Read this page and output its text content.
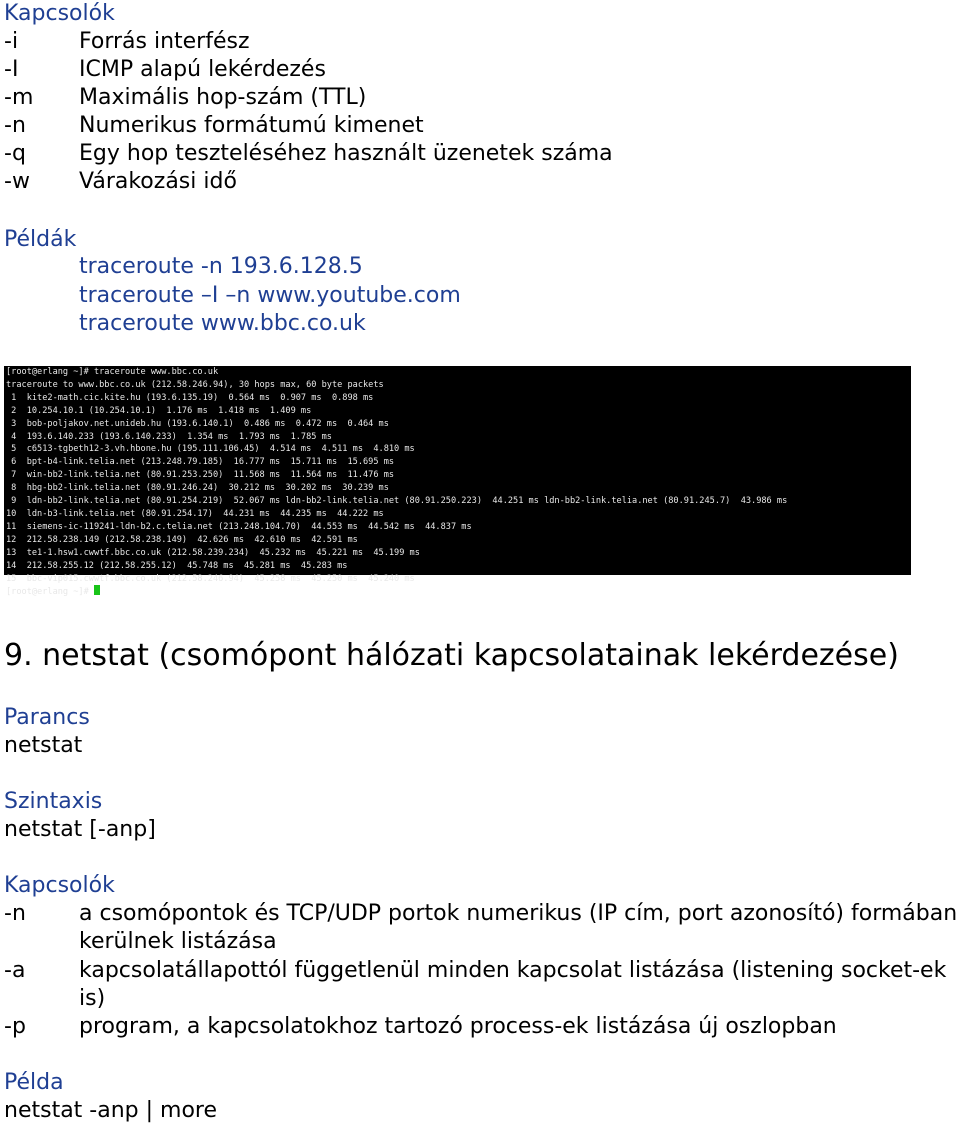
Kapcsolók
-i	Forrás interfész
-I	ICMP alapú lekérdezés
-m Maximális hop-szám (TTL)
-n Numerikus formátumú kimenet
-q Egy hop teszteléséhez használt üzenetek száma
-w Várakozási idő
Példák
traceroute -n 193.6.128.5
traceroute –I –n www.youtube.com
traceroute www.bbc.co.uk
[root@erlang ~]# traceroute www.bbc.co.uk
traceroute to www.bbc.co.uk (212.58.246.94), 30 hops max, 60 byte packets
1  kite2-math.cic.kite.hu (193.6.135.19)  0.564 ms  0.907 ms  0.898 ms
2  10.254.10.1 (10.254.10.1)  1.176 ms  1.418 ms  1.409 ms
3  bob-poljakov.net.unideb.hu (193.6.140.1)  0.486 ms  0.472 ms  0.464 ms
4  193.6.140.233 (193.6.140.233)  1.354 ms  1.793 ms  1.785 ms
5  c6513-tgbeth12-3.vh.hbone.hu (195.111.106.45)  4.514 ms  4.511 ms  4.810 ms
6  bpt-b4-link.telia.net (213.248.79.185)  16.777 ms  15.711 ms  15.695 ms
7  win-bb2-link.telia.net (80.91.253.250)  11.568 ms  11.564 ms  11.476 ms
8  hbg-bb2-link.telia.net (80.91.246.24)  30.212 ms  30.202 ms  30.239 ms
9  ldn-bb2-link.telia.net (80.91.254.219)  52.067 ms ldn-bb2-link.telia.net (80.91.250.223)  44.251 ms ldn-bb2-link.telia.net (80.91.245.7)  43.986 ms
10  ldn-b3-link.telia.net (80.91.254.17)  44.231 ms  44.235 ms  44.222 ms
11  siemens-ic-119241-ldn-b2.c.telia.net (213.248.104.70)  44.553 ms  44.542 ms  44.837 ms
12  212.58.238.149 (212.58.238.149)  42.626 ms  42.610 ms  42.591 ms
13  te1-1.hsw1.cwwtf.bbc.co.uk (212.58.239.234)  45.232 ms  45.221 ms  45.199 ms
14  212.58.255.12 (212.58.255.12)  45.748 ms  45.281 ms  45.283 ms
15  bbc-vip015.cwwtf.bbc.co.uk (212.58.246.94)  45.258 ms  45.250 ms  45.240 ms
[root@erlang ~]#
9. netstat (csomópont hálózati kapcsolatainak lekérdezése)
Parancs
netstat
Szintaxis
netstat [-anp]
Kapcsolók
-n a csomópontok és TCP/UDP portok numerikus (IP cím, port azonosító) formában kerülnek listázása
-a kapcsolatállapottól függetlenül minden kapcsolat listázása (listening socket-ek is)
-p program, a kapcsolatokhoz tartozó process-ek listázása új oszlopban
Példa
netstat -anp | more
